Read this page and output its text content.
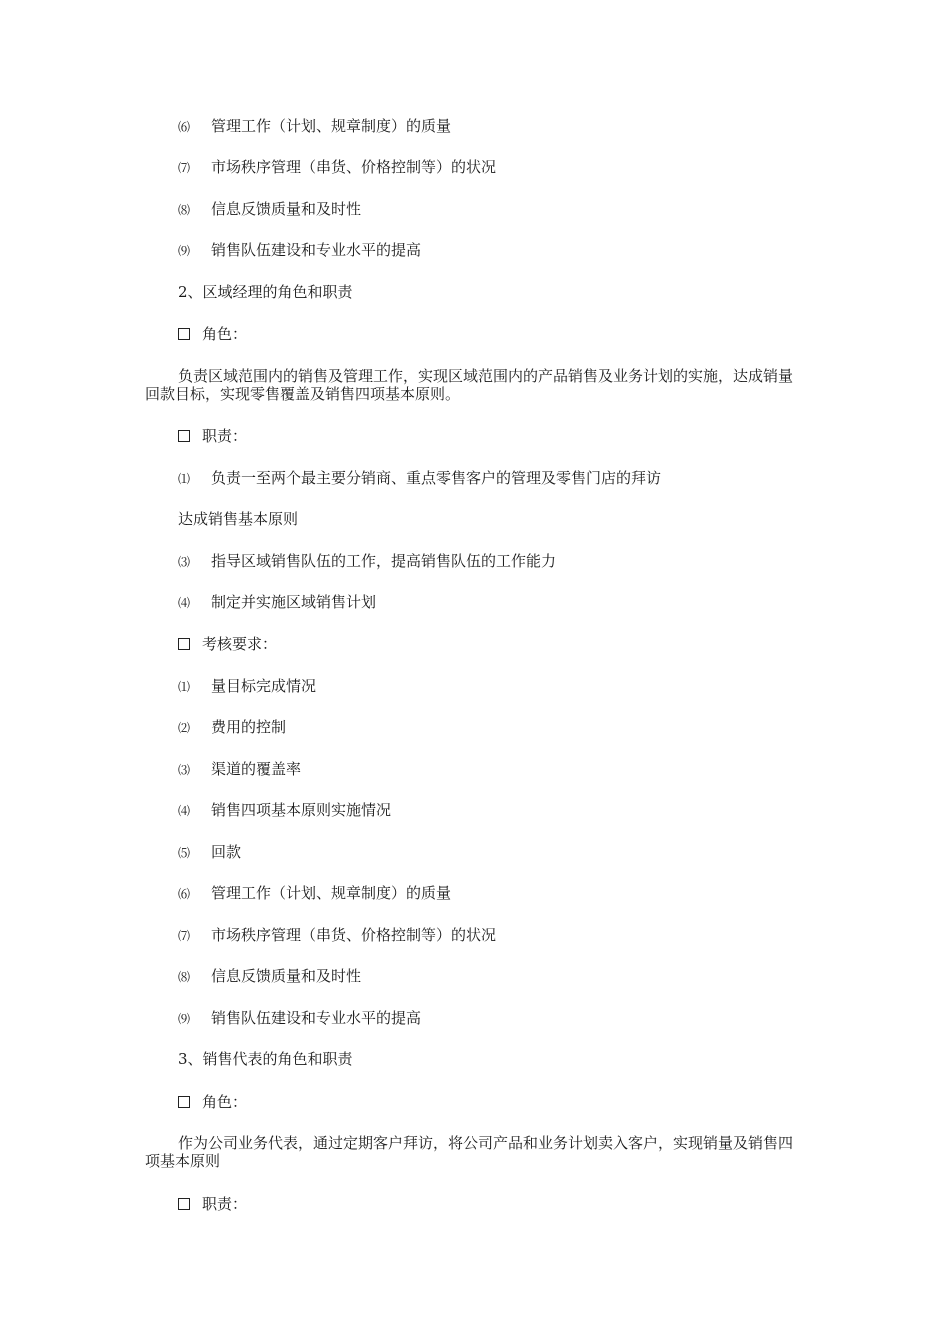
⑹ 管理工作（计划、规章制度）的质量
⑺ 市场秩序管理（串货、价格控制等）的状况
⑻ 信息反馈质量和及时性
⑼ 销售队伍建设和专业水平的提高
2、区域经理的角色和职责
角色：
负责区域范围内的销售及管理工作，实现区域范围内的产品销售及业务计划的实施，达成销量回款目标，实现零售覆盖及销售四项基本原则。
职责：
⑴ 负责一至两个最主要分销商、重点零售客户的管理及零售门店的拜访
达成销售基本原则
⑶ 指导区域销售队伍的工作，提高销售队伍的工作能力
⑷ 制定并实施区域销售计划
考核要求：
⑴ 量目标完成情况
⑵ 费用的控制
⑶ 渠道的覆盖率
⑷ 销售四项基本原则实施情况
⑸ 回款
⑹ 管理工作（计划、规章制度）的质量
⑺ 市场秩序管理（串货、价格控制等）的状况
⑻ 信息反馈质量和及时性
⑼ 销售队伍建设和专业水平的提高
3、销售代表的角色和职责
角色：
作为公司业务代表，通过定期客户拜访，将公司产品和业务计划卖入客户，实现销量及销售四项基本原则
职责：
